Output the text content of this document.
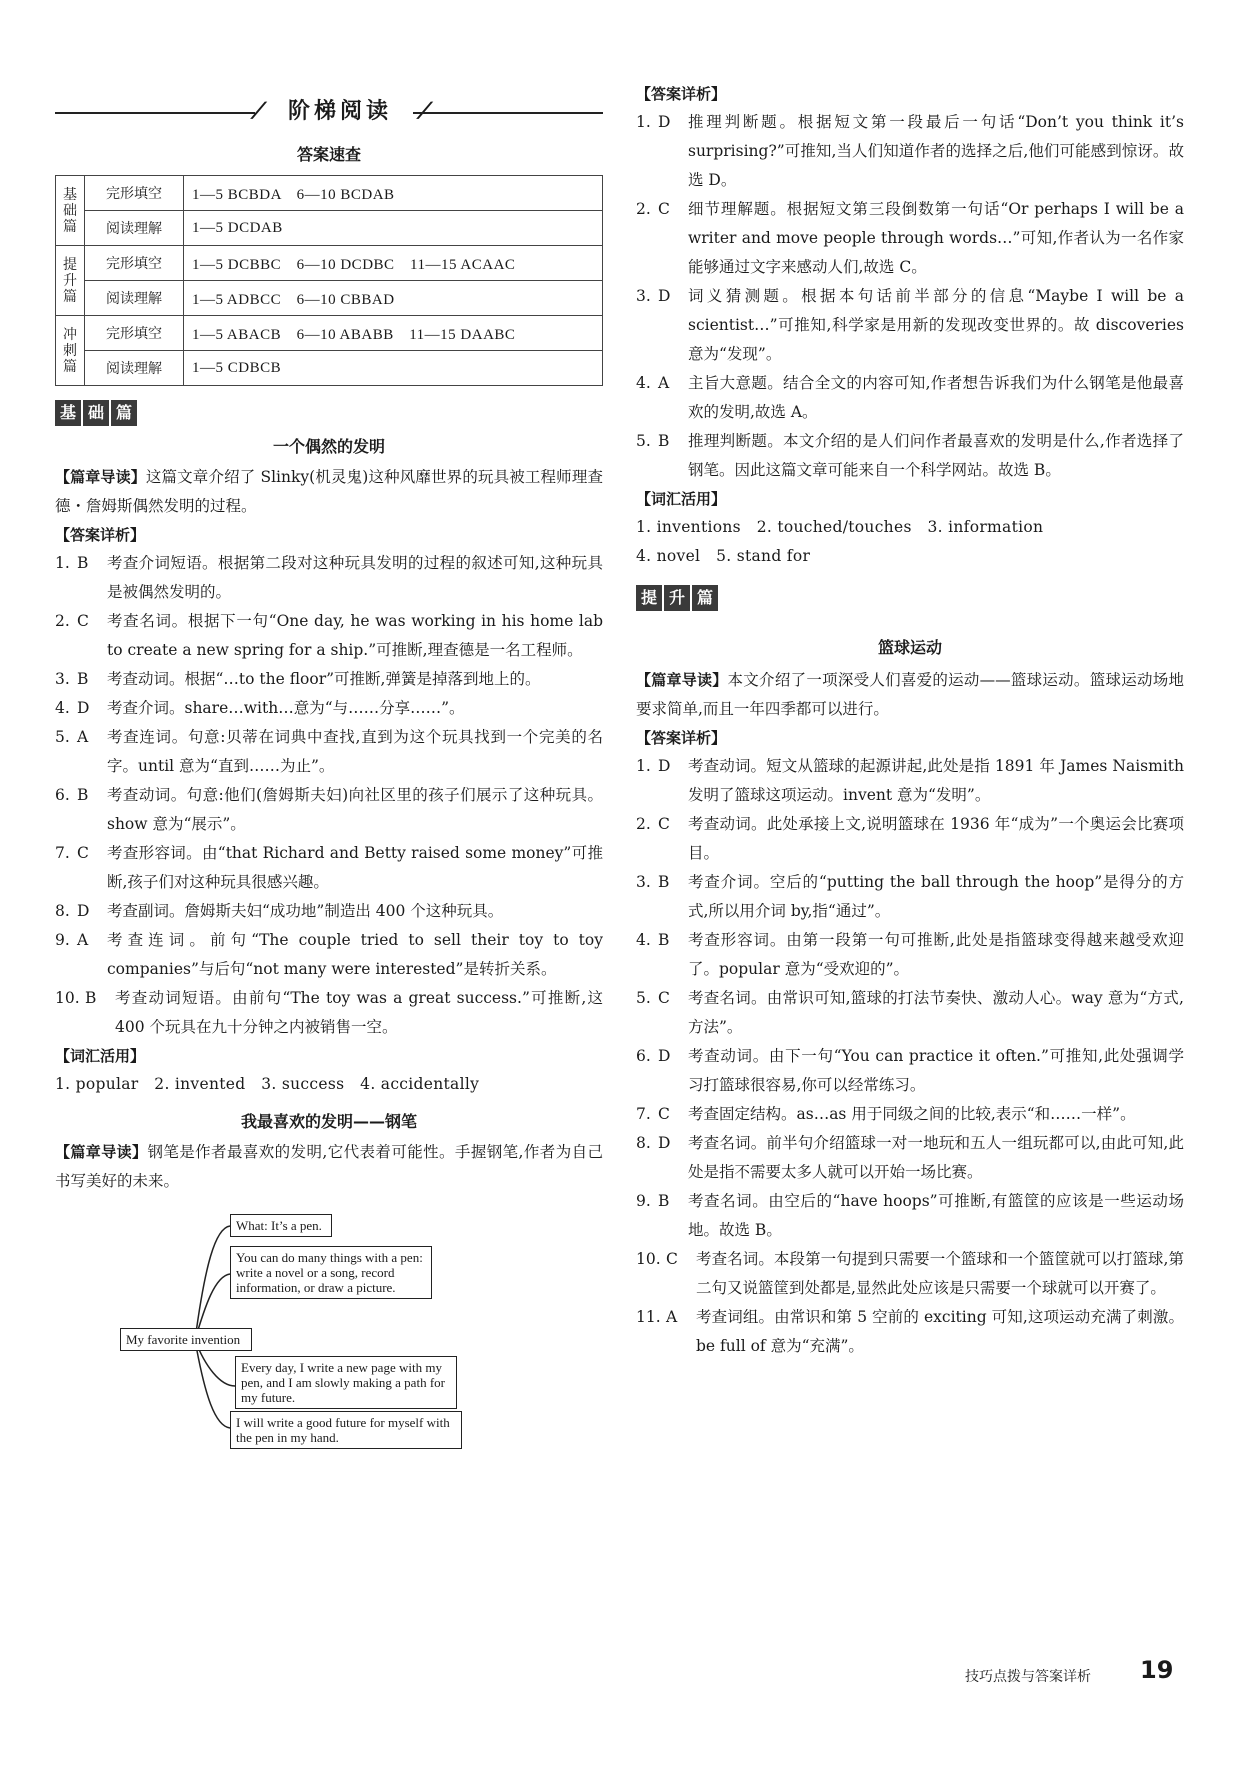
⟋ 阶梯阅读	⟋
答案速查
基础篇	完形填空	1—5 BCBDA　6—10 BCDAB
	阅读理解	1—5 DCDAB
提升篇	完形填空	1—5 DCBBC　6—10 DCDBC　11—15 ACAAC
	阅读理解	1—5 ADBCC　6—10 CBBAD
冲刺篇	完形填空	1—5 ABACB　6—10 ABABB　11—15 DAABC
	阅读理解	1—5 CDBCB
基 础 篇
一个偶然的发明

【篇章导读】这篇文章介绍了 Slinky(机灵鬼)这种风靡世界的玩具被工程师理查德・詹姆斯偶然发明的过程。

【答案详析】
1. B	考查介词短语。根据第二段对这种玩具发明的过程的叙述可知,这种玩具是被偶然发明的。
2. C	考查名词。根据下一句“One day, he was working in his home lab to create a new spring for a ship.”可推断,理查德是一名工程师。
3. B	考查动词。根据“…to the floor”可推断,弹簧是掉落到地上的。
4. D	考查介词。share…with…意为“与……分享……”。
5. A	考查连词。句意:贝蒂在词典中查找,直到为这个玩具找到一个完美的名字。until 意为“直到……为止”。
6. B	考查动词。句意:他们(詹姆斯夫妇)向社区里的孩子们展示了这种玩具。show 意为“展示”。
7. C	考查形容词。由“that Richard and Betty raised some money”可推断,孩子们对这种玩具很感兴趣。
8. D	考查副词。詹姆斯夫妇“成功地”制造出 400 个这种玩具。
9. A	考查连词。前句“The couple tried to sell their toy to toy companies”与后句“not many were interested”是转折关系。
10. B	考查动词短语。由前句“The toy was a great success.”可推断,这 400 个玩具在九十分钟之内被销售一空。
【词汇活用】
1. popular　2. invented　3. success　4. accidentally
我最喜欢的发明——钢笔

【篇章导读】钢笔是作者最喜欢的发明,它代表着可能性。手握钢笔,作者为自己书写美好的未来。

My favorite invention
What: It’s a pen.
You can do many things with a pen: write a novel or a song, record information, or draw a picture.
Every day, I write a new page with my pen, and I am slowly making a path for my future.
I will write a good future for myself with the pen in my hand.
【答案详析】
1. D	推理判断题。根据短文第一段最后一句话“Don’t you think it’s surprising?”可推知,当人们知道作者的选择之后,他们可能感到惊讶。故选 D。
2. C	细节理解题。根据短文第三段倒数第一句话“Or perhaps I will be a writer and move people through words…”可知,作者认为一名作家能够通过文字来感动人们,故选 C。
3. D	词义猜测题。根据本句话前半部分的信息“Maybe I will be a scientist…”可推知,科学家是用新的发现改变世界的。故 discoveries 意为“发现”。
4. A	主旨大意题。结合全文的内容可知,作者想告诉我们为什么钢笔是他最喜欢的发明,故选 A。
5. B	推理判断题。本文介绍的是人们问作者最喜欢的发明是什么,作者选择了钢笔。因此这篇文章可能来自一个科学网站。故选 B。
【词汇活用】
1. inventions　2. touched/touches　3. information
4. novel　5. stand for
提 升 篇
篮球运动

【篇章导读】本文介绍了一项深受人们喜爱的运动——篮球运动。篮球运动场地要求简单,而且一年四季都可以进行。

【答案详析】
1. D	考查动词。短文从篮球的起源讲起,此处是指 1891 年 James Naismith 发明了篮球这项运动。invent 意为“发明”。
2. C	考查动词。此处承接上文,说明篮球在 1936 年“成为”一个奥运会比赛项目。
3. B	考查介词。空后的“putting the ball through the hoop”是得分的方式,所以用介词 by,指“通过”。
4. B	考查形容词。由第一段第一句可推断,此处是指篮球变得越来越受欢迎了。popular 意为“受欢迎的”。
5. C	考查名词。由常识可知,篮球的打法节奏快、激动人心。way 意为“方式,方法”。
6. D	考查动词。由下一句“You can practice it often.”可推知,此处强调学习打篮球很容易,你可以经常练习。
7. C	考查固定结构。as…as 用于同级之间的比较,表示“和……一样”。
8. D	考查名词。前半句介绍篮球一对一地玩和五人一组玩都可以,由此可知,此处是指不需要太多人就可以开始一场比赛。
9. B	考查名词。由空后的“have hoops”可推断,有篮筐的应该是一些运动场地。故选 B。
10. C	考查名词。本段第一句提到只需要一个篮球和一个篮筐就可以打篮球,第二句又说篮筐到处都是,显然此处应该是只需要一个球就可以开赛了。
11. A	考查词组。由常识和第 5 空前的 exciting 可知,这项运动充满了刺激。be full of 意为“充满”。
技巧点拨与答案详析 19
